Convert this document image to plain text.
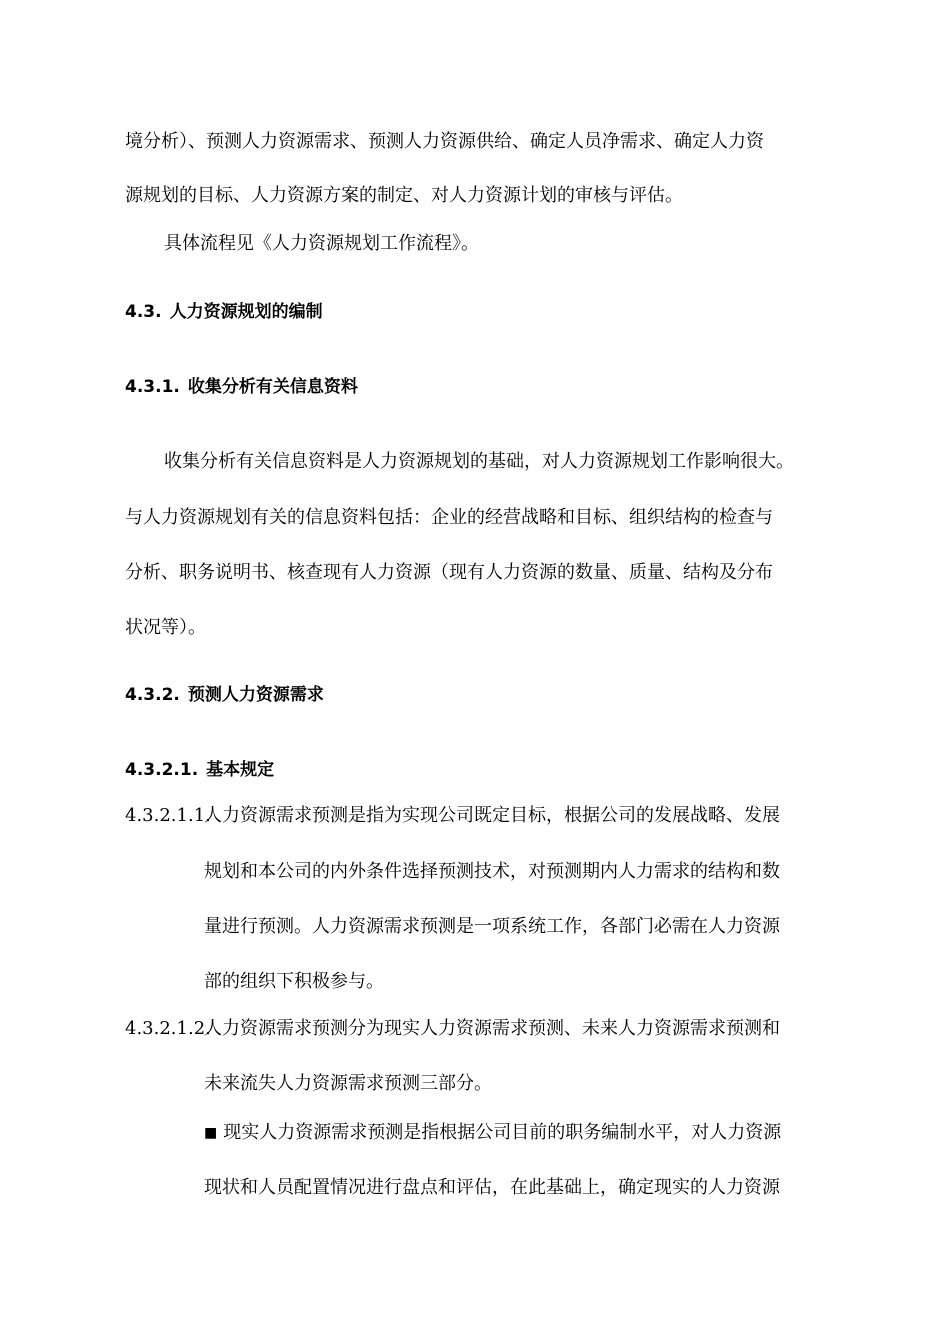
境分析）、预测人力资源需求、预测人力资源供给、确定人员净需求、确定人力资
源规划的目标、人力资源方案的制定、对人力资源计划的审核与评估。
具体流程见《人力资源规划工作流程》。
4.3. 人力资源规划的编制
4.3.1. 收集分析有关信息资料
收集分析有关信息资料是人力资源规划的基础，对人力资源规划工作影响很大。
与人力资源规划有关的信息资料包括：企业的经营战略和目标、组织结构的检查与
分析、职务说明书、核查现有人力资源（现有人力资源的数量、质量、结构及分布
状况等）。
4.3.2. 预测人力资源需求
4.3.2.1. 基本规定
4.3.2.1.1.人力资源需求预测是指为实现公司既定目标，根据公司的发展战略、发展
规划和本公司的内外条件选择预测技术，对预测期内人力需求的结构和数
量进行预测。人力资源需求预测是一项系统工作，各部门必需在人力资源
部的组织下积极参与。
4.3.2.1.2.人力资源需求预测分为现实人力资源需求预测、未来人力资源需求预测和
未来流失人力资源需求预测三部分。
■ 现实人力资源需求预测是指根据公司目前的职务编制水平，对人力资源
现状和人员配置情况进行盘点和评估，在此基础上，确定现实的人力资源
